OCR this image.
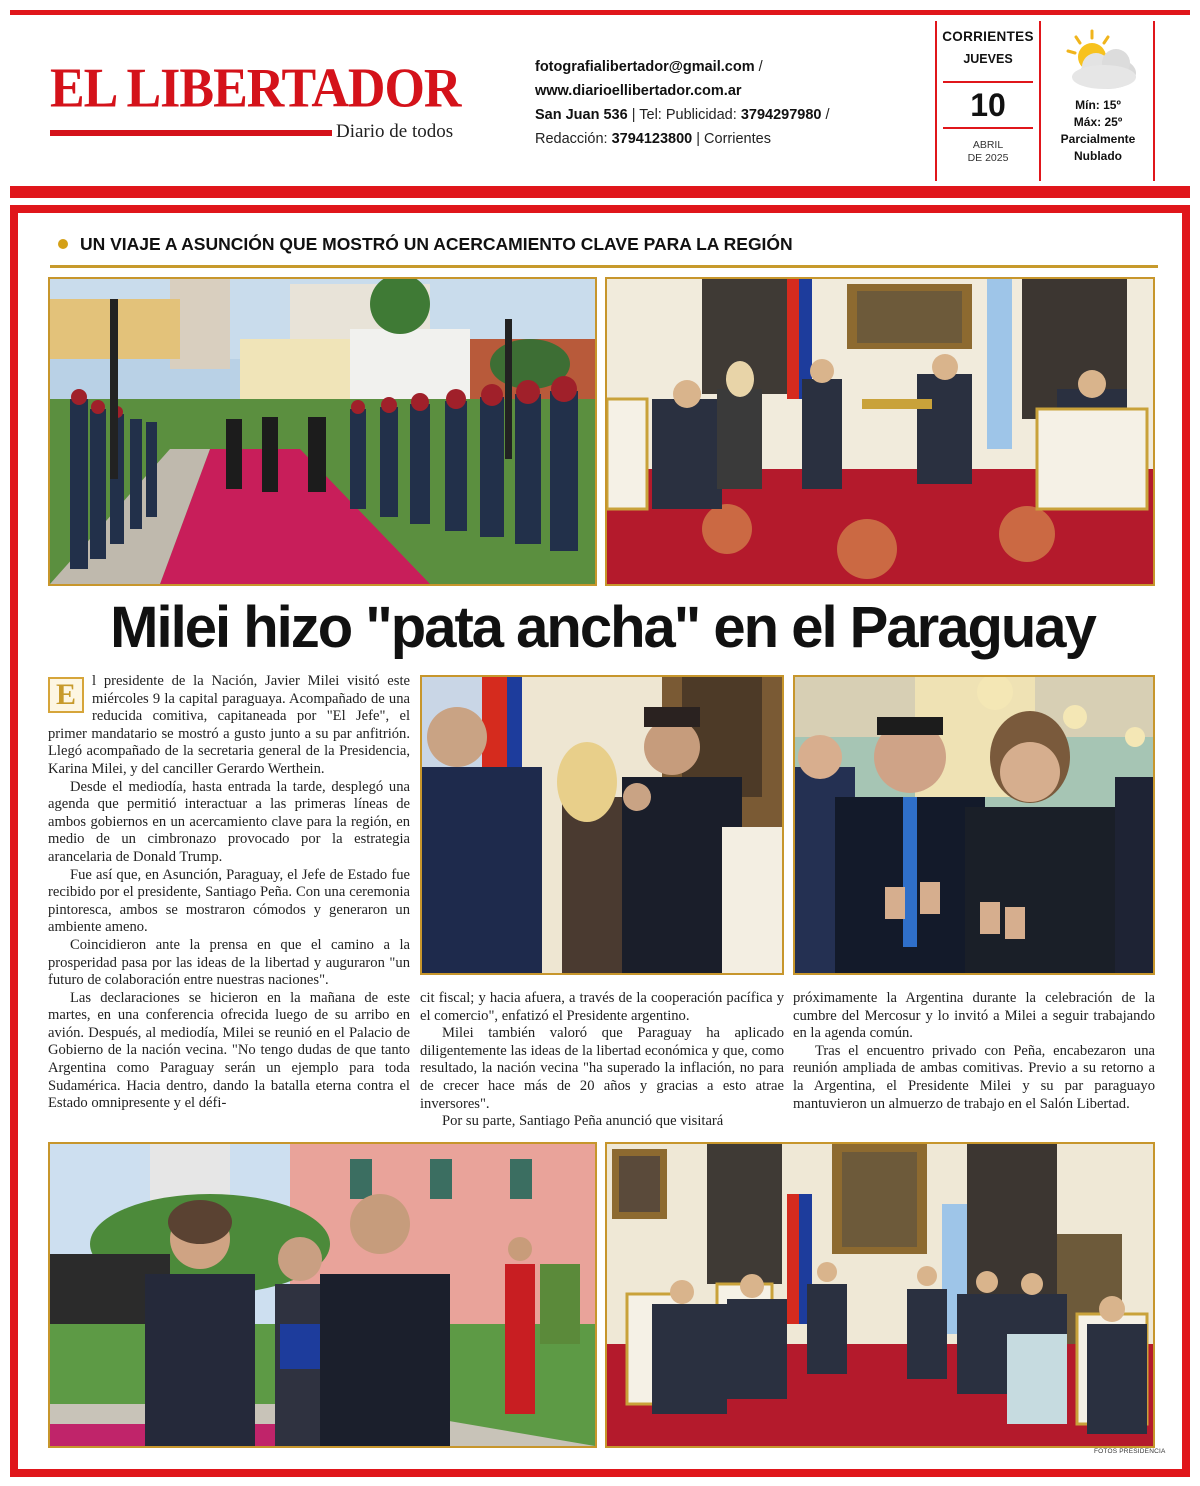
EL LIBERTADOR
Diario de todos
fotografialibertador@gmail.com /
www.diarioellibertador.com.ar
San Juan 536 | Tel: Publicidad: 3794297980 /
Redacción: 3794123800 | Corrientes
CORRIENTES
JUEVES
10
ABRIL
DE 2025
Mín: 15º
Máx: 25º
Parcialmente
Nublado
UN VIAJE A ASUNCIÓN QUE MOSTRÓ UN ACERCAMIENTO CLAVE PARA LA REGIÓN
Milei hizo "pata ancha" en el Paraguay
E	l presidente de la Nación, Javier Milei visitó este miércoles 9 la capital paraguaya. Acompañado de una reducida comitiva, capitaneada por "El Jefe", el primer mandatario se mostró a gusto junto a su par anfitrión. Llegó acompañado de la secretaria general de la Presidencia, Karina Milei, y del canciller Gerardo Werthein.

Desde el mediodía, hasta entrada la tarde, desplegó una agenda que permitió interactuar a las primeras líneas de ambos gobiernos en un acercamiento clave para la región, en medio de un cimbronazo provocado por la estrategia arancelaria de Donald Trump.

Fue así que, en Asunción, Paraguay, el Jefe de Estado fue recibido por el presidente, Santiago Peña. Con una ceremonia pintoresca, ambos se mostraron cómodos y generaron un ambiente ameno.

Coincidieron ante la prensa en que el camino a la prosperidad pasa por las ideas de la libertad y auguraron "un futuro de colaboración entre nuestras naciones".

Las declaraciones se hicieron en la mañana de este martes, en una conferencia ofrecida luego de su arribo en avión. Después, al mediodía, Milei se reunió en el Palacio de Gobierno de la nación vecina. "No tengo dudas de que tanto Argentina como Paraguay serán un ejemplo para toda Sudamérica. Hacia dentro, dando la batalla eterna contra el Estado omnipresente y el défi-

cit fiscal; y hacia afuera, a través de la cooperación pacífica y el comercio", enfatizó el Presidente argentino.

Milei también valoró que Paraguay ha aplicado diligentemente las ideas de la libertad económica y que, como resultado, la nación vecina "ha superado la inflación, no para de crecer hace más de 20 años y gracias a esto atrae inversores".

Por su parte, Santiago Peña anunció que visitará

próximamente la Argentina durante la celebración de la cumbre del Mercosur y lo invitó a Milei a seguir trabajando en la agenda común.

Tras el encuentro privado con Peña, encabezaron una reunión ampliada de ambas comitivas. Previo a su retorno a la Argentina, el Presidente Milei y su par paraguayo mantuvieron un almuerzo de trabajo en el Salón Libertad.

FOTOS PRESIDENCIA
